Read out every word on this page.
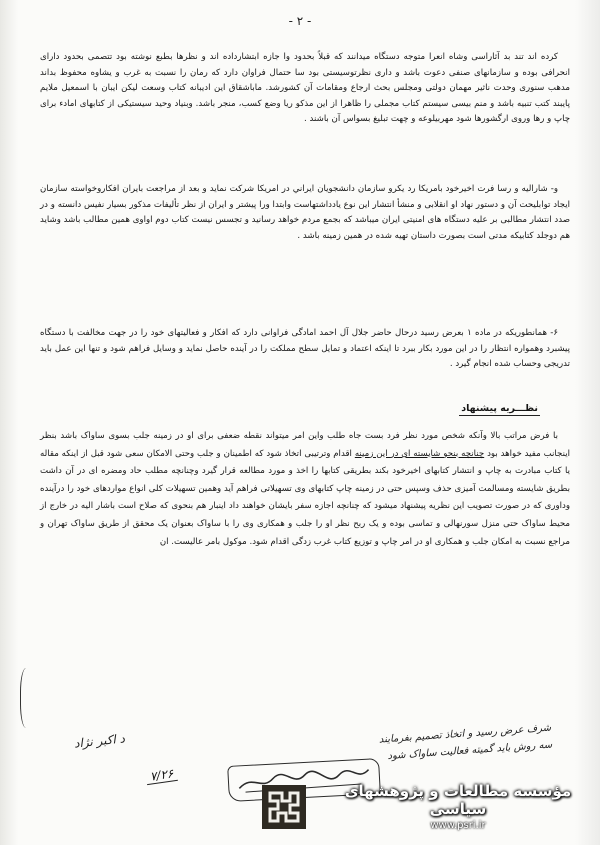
- ۲ -

کرده اند تند بد آثاراسی وشاه انعرا متوجه دستگاه میدانند که قبلاً بحدود وا جازه ابتشارداده اند و نظرها بطبع نوشته بود تتصمی بحدود دارای انحرافی بوده و سازمانهای صنفی دعوت باشد و داری نظرتوسیستی بود سا حتمال فراوان دارد که رمان را نسبت به غرب و یشاوه محفوظ بداند مدهب سنوری وحدت ناثیر مهمان دولتی ومجلس بحث ارجاع ومقامات آن کشورشد. ماباشقاق این ادیبانه کتاب وسعت لیکن ایبان با اسمعیل ملایم پایبند کتب تنبیه باشد و منم بیسی سیستم کتاب مجملی را ظاهرا از این مذکو ریا وضع کسب، منجر باشد. وبنیاد وحید سیستیکی از کتابهای امادء برای چاپ و رها وروی ارگشورها شود مهربیلوعه و چهت تبلیغ بسواس آن باشند .

و- شاراليه و رسا فرت اخيرخود بامريكا رد يكرو سازمان دانشجويان ايراني در امريكا شركت نمايد و بعد از مراجعت بایران افکاروخواسته سازمان ایجاد توابلیحت آن و دستور نهاد او انقلابی و منشأ انتشار این نوع یادداشتهاست وابتدا ورا پیشتر و ایران از نظر تألیفات مذکور بسیار نفیس دانسته و در صدد انتشار مطالبی بر علیه دستگاه های امنیتی ایران میباشد که بجمع مردم خواهد رسانید و تجسس نیست کتاب دوم اواوی همین مطالب باشد وشاید هم دوجلد کتابیکه مدتی است بصورت داستان تهیه شده در همین زمینه باشد .

۶- همانطوریکه در ماده ۱ بعرض رسید درحال حاضر جلال آل احمد امادگی فراوانی دارد که افکار و فعالیتهای خود را در جهت مخالفت با دستگاه پیشبرد وهمواره انتظار را در این مورد بکار ببرد تا اینکه اعتماد و تمایل سطح مملکت را در آینده حاصل نماید و وسایل فراهم شود و تنها این عمل باید تدریجی وحساب شده انجام گیرد .

نظـــریه پیشنهاد

با فرض مراتب بالا وآنکه شخص مورد نظر فرد بست جاه طلب واین امر میتواند نقطه ضعفی برای او در زمینه جلب بسوی ساواک باشد بنظر اینجانب مفید خواهد بود چنانچه بنحو شایسته ای در این زمینه اقدام وترتیبی اتخاذ شود که اطمینان و جلب وحتی الامکان سعی شود قبل از اینکه مقاله یا کتاب مبادرت به چاپ و انتشار کتابهای اخیرخود بکند بطریقی کتابها را اخذ و مورد مطالعه قرار گیرد وچنانچه مطلب حاد ومضره ای در آن داشت بطریق شایسته ومسالمت آمیزی حذف وسپس حتی در زمینه چاپ کتابهای وی تسهیلاتی فراهم آید وهمین تسهیلات کلی انواع مواردهای خود را درآینده وداوری که در صورت تصویب این نظریه پیشنهاد میشود که چنانچه اجازه سفر بایشان خواهند داد اینبار هم بنحوی که صلاح است باشار الیه در خارج از محیط ساواک حتی منزل سورنهالی و تماسی بوده و یک ربح نظر او را جلب و همکاری وی را با ساواک بعنوان یک محقق از طریق ساواک تهران و مراجع نسبت به امکان جلب و همکاری او در امر چاپ و توزیع کتاب غرب زدگی اقدام شود. موکول بامر عالیست. ان

د اکبر نژاد
۷/۲۶
شرف عرض رسید و اتخاذ تصمیم بفرمایند
سه روش باید گمیته فعالیت ساواک شود
مؤسسه مطالعات و پژوهشهای سیاسی
www.psri.ir
